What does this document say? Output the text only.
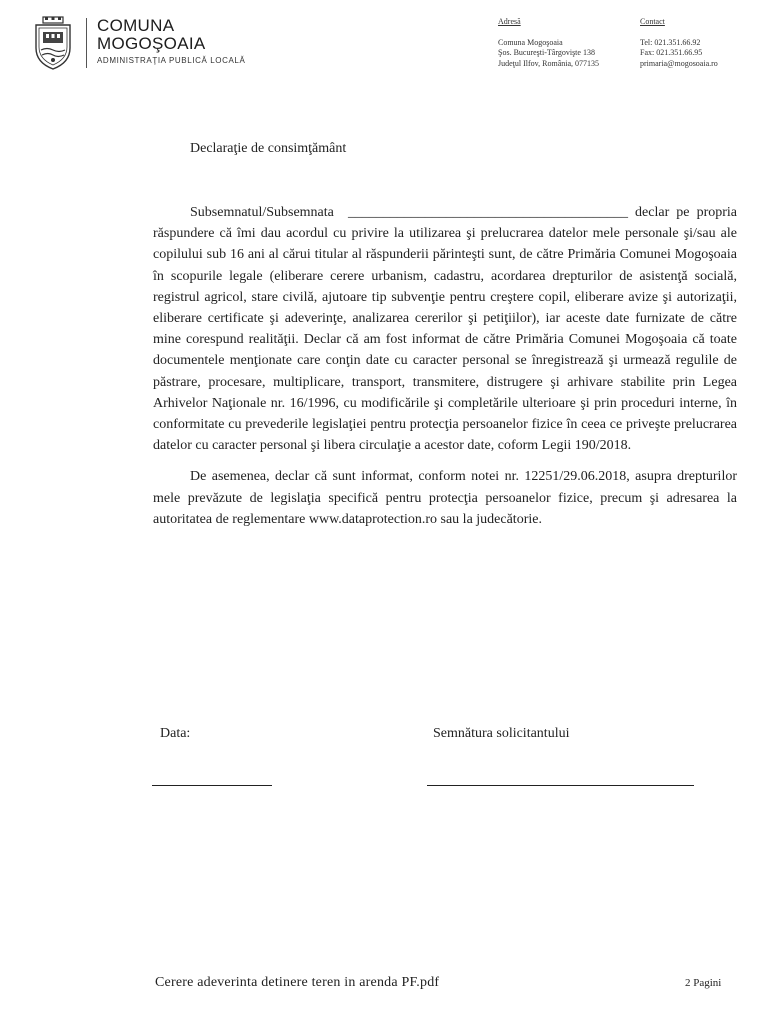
COMUNA
MOGOŞOAIA
ADMINISTRAŢIA PUBLICĂ LOCALĂ
Adresă
Comuna Mogoşoaia
Şos. Bucureşti-Târgovişte 138
Judeţul Ilfov, România, 077135
Contact
Tel: 021.351.66.92
Fax: 021.351.66.95
primaria@mogosoaia.ro
Declaraţie de consimţământ

Subsemnatul/Subsemnata ________________________________________ declar pe propria răspundere că îmi dau acordul cu privire la utilizarea şi prelucrarea datelor mele personale şi/sau ale copilului sub 16 ani al cărui titular al răspunderii părinteşti sunt, de către Primăria Comunei Mogoşoaia în scopurile legale (eliberare cerere urbanism, cadastru, acordarea drepturilor de asistenţă socială, registrul agricol, stare civilă, ajutoare tip subvenţie pentru creştere copil, eliberare avize şi autorizaţii, eliberare certificate şi adeverinţe, analizarea cererilor şi petiţiilor), iar aceste date furnizate de către mine corespund realităţii. Declar că am fost informat de către Primăria Comunei Mogoşoaia că toate documentele menţionate care conţin date cu caracter personal se înregistrează şi urmează regulile de păstrare, procesare, multiplicare, transport, transmitere, distrugere şi arhivare stabilite prin Legea Arhivelor Naţionale nr. 16/1996, cu modificările şi completările ulterioare şi prin proceduri interne, în conformitate cu prevederile legislaţiei pentru protecţia persoanelor fizice în ceea ce priveşte prelucrarea datelor cu caracter personal şi libera circulaţie a acestor date, coform Legii 190/2018.

De asemenea, declar că sunt informat, conform notei nr. 12251/29.06.2018, asupra drepturilor mele prevăzute de legislaţia specifică pentru protecţia persoanelor fizice, precum şi adresarea la autoritatea de reglementare www.dataprotection.ro sau la judecătorie.

Data:	Semnătura solicitantului
Cerere adeverinta detinere teren in arenda PF.pdf	2 Pagini
